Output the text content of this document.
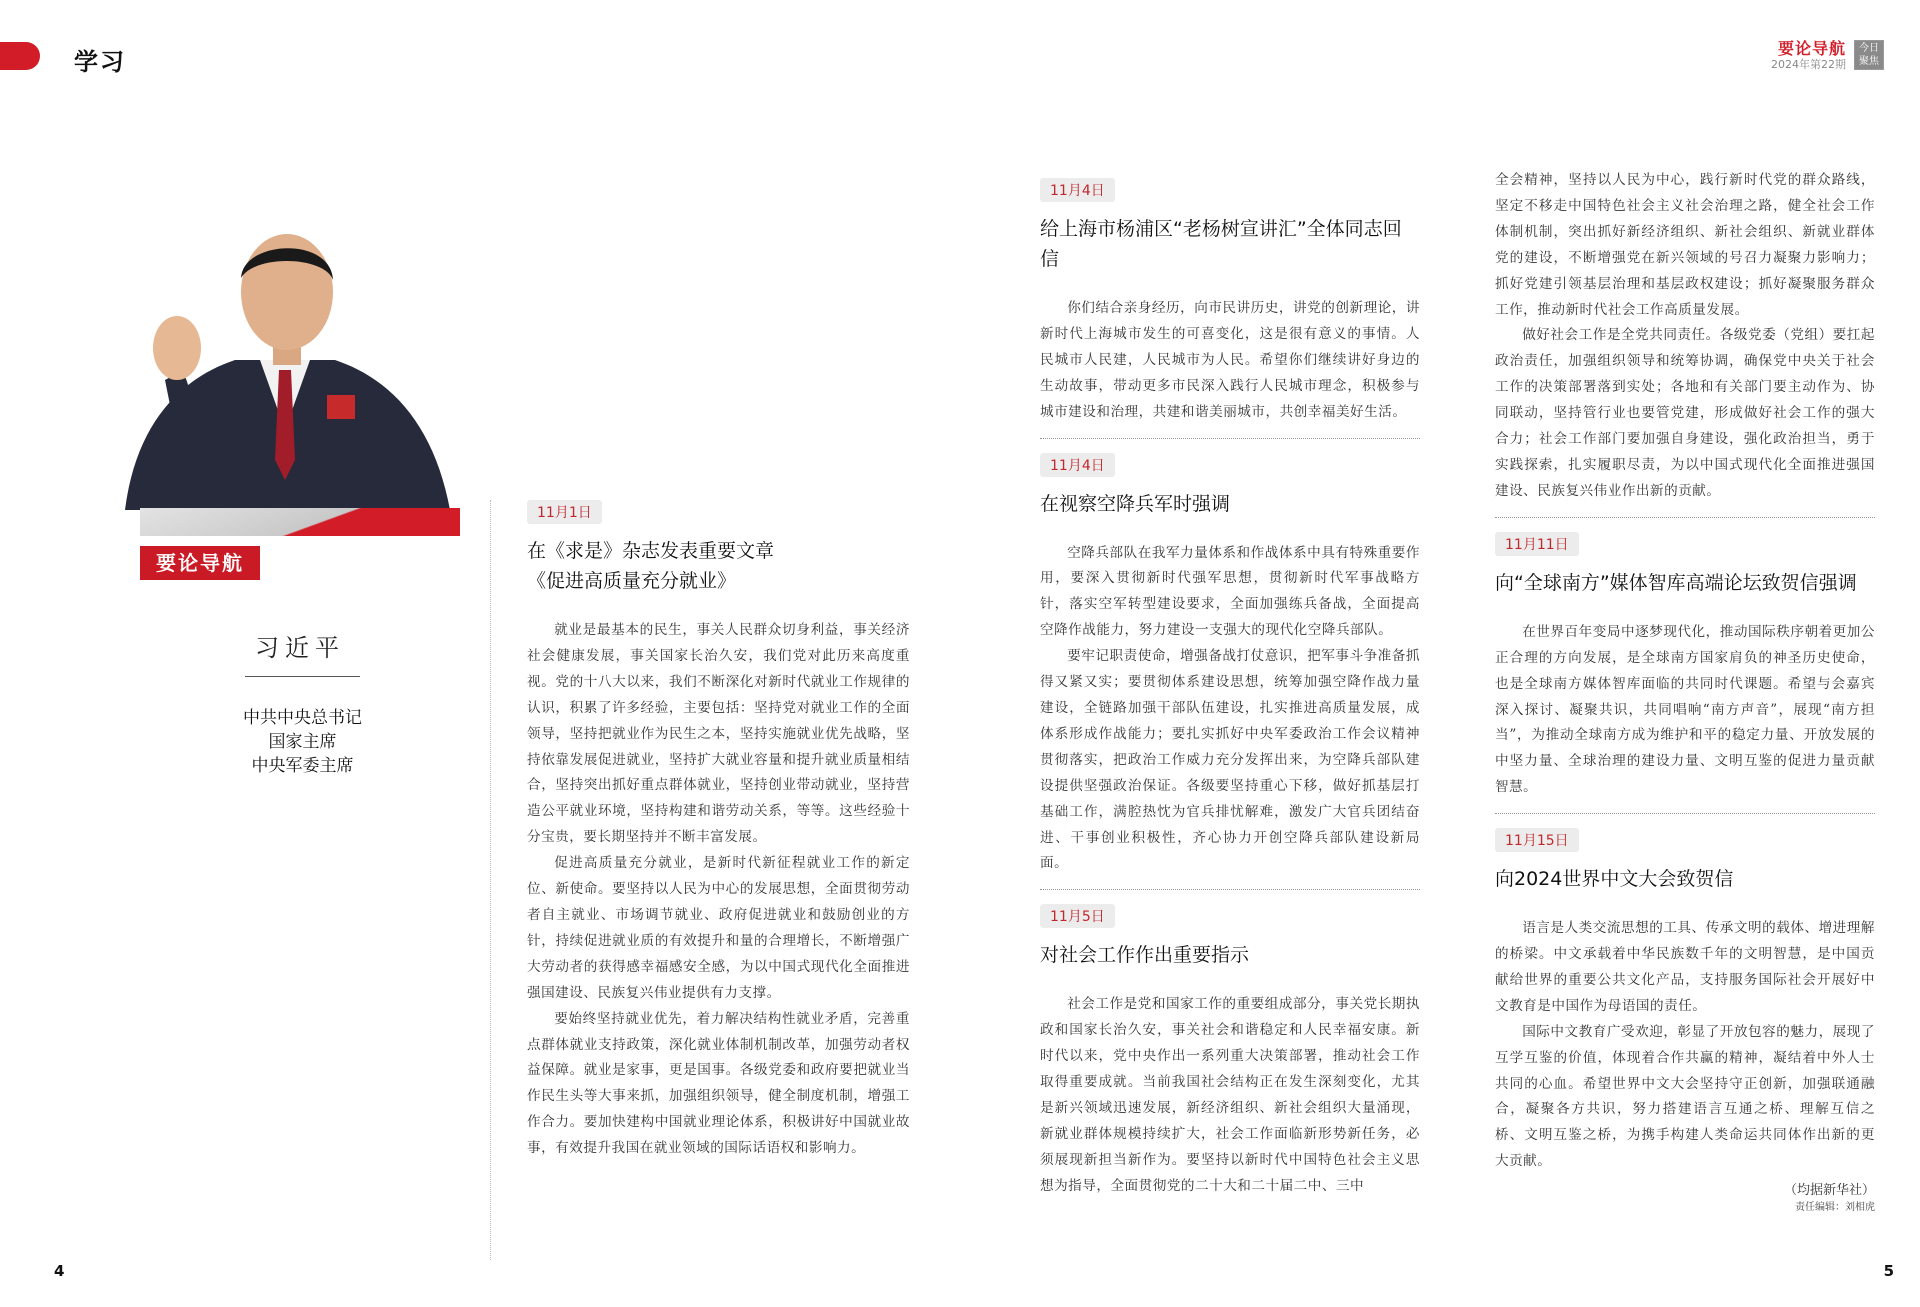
学习	要论导航
2024年第22期
今日 聚焦
要论导航
习近平
中共中央总书记
国家主席
中央军委主席
11月1日
在《求是》杂志发表重要文章
《促进高质量充分就业》

就业是最基本的民生，事关人民群众切身利益，事关经济社会健康发展，事关国家长治久安，我们党对此历来高度重视。党的十八大以来，我们不断深化对新时代就业工作规律的认识，积累了许多经验，主要包括：坚持党对就业工作的全面领导，坚持把就业作为民生之本，坚持实施就业优先战略，坚持依靠发展促进就业，坚持扩大就业容量和提升就业质量相结合，坚持突出抓好重点群体就业，坚持创业带动就业，坚持营造公平就业环境，坚持构建和谐劳动关系，等等。这些经验十分宝贵，要长期坚持并不断丰富发展。

促进高质量充分就业，是新时代新征程就业工作的新定位、新使命。要坚持以人民为中心的发展思想，全面贯彻劳动者自主就业、市场调节就业、政府促进就业和鼓励创业的方针，持续促进就业质的有效提升和量的合理增长，不断增强广大劳动者的获得感幸福感安全感，为以中国式现代化全面推进强国建设、民族复兴伟业提供有力支撑。

要始终坚持就业优先，着力解决结构性就业矛盾，完善重点群体就业支持政策，深化就业体制机制改革，加强劳动者权益保障。就业是家事，更是国事。各级党委和政府要把就业当作民生头等大事来抓，加强组织领导，健全制度机制，增强工作合力。要加快建构中国就业理论体系，积极讲好中国就业故事，有效提升我国在就业领域的国际话语权和影响力。

11月4日
给上海市杨浦区“老杨树宣讲汇”全体同志回信

你们结合亲身经历，向市民讲历史，讲党的创新理论，讲新时代上海城市发生的可喜变化，这是很有意义的事情。人民城市人民建，人民城市为人民。希望你们继续讲好身边的生动故事，带动更多市民深入践行人民城市理念，积极参与城市建设和治理，共建和谐美丽城市，共创幸福美好生活。

11月4日
在视察空降兵军时强调

空降兵部队在我军力量体系和作战体系中具有特殊重要作用，要深入贯彻新时代强军思想，贯彻新时代军事战略方针，落实空军转型建设要求，全面加强练兵备战，全面提高空降作战能力，努力建设一支强大的现代化空降兵部队。

要牢记职责使命，增强备战打仗意识，把军事斗争准备抓得又紧又实；要贯彻体系建设思想，统筹加强空降作战力量建设，全链路加强干部队伍建设，扎实推进高质量发展，成体系形成作战能力；要扎实抓好中央军委政治工作会议精神贯彻落实，把政治工作威力充分发挥出来，为空降兵部队建设提供坚强政治保证。各级要坚持重心下移，做好抓基层打基础工作，满腔热忱为官兵排忧解难，激发广大官兵团结奋进、干事创业积极性，齐心协力开创空降兵部队建设新局面。

11月5日
对社会工作作出重要指示

社会工作是党和国家工作的重要组成部分，事关党长期执政和国家长治久安，事关社会和谐稳定和人民幸福安康。新时代以来，党中央作出一系列重大决策部署，推动社会工作取得重要成就。当前我国社会结构正在发生深刻变化，尤其是新兴领域迅速发展，新经济组织、新社会组织大量涌现，新就业群体规模持续扩大，社会工作面临新形势新任务，必须展现新担当新作为。要坚持以新时代中国特色社会主义思想为指导，全面贯彻党的二十大和二十届二中、三中

全会精神，坚持以人民为中心，践行新时代党的群众路线，坚定不移走中国特色社会主义社会治理之路，健全社会工作体制机制，突出抓好新经济组织、新社会组织、新就业群体党的建设，不断增强党在新兴领域的号召力凝聚力影响力；抓好党建引领基层治理和基层政权建设；抓好凝聚服务群众工作，推动新时代社会工作高质量发展。

做好社会工作是全党共同责任。各级党委（党组）要扛起政治责任，加强组织领导和统筹协调，确保党中央关于社会工作的决策部署落到实处；各地和有关部门要主动作为、协同联动，坚持管行业也要管党建，形成做好社会工作的强大合力；社会工作部门要加强自身建设，强化政治担当，勇于实践探索，扎实履职尽责，为以中国式现代化全面推进强国建设、民族复兴伟业作出新的贡献。

11月11日
向“全球南方”媒体智库高端论坛致贺信强调

在世界百年变局中逐梦现代化，推动国际秩序朝着更加公正合理的方向发展，是全球南方国家肩负的神圣历史使命，也是全球南方媒体智库面临的共同时代课题。希望与会嘉宾深入探讨、凝聚共识，共同唱响“南方声音”，展现“南方担当”，为推动全球南方成为维护和平的稳定力量、开放发展的中坚力量、全球治理的建设力量、文明互鉴的促进力量贡献智慧。

11月15日
向2024世界中文大会致贺信

语言是人类交流思想的工具、传承文明的载体、增进理解的桥梁。中文承载着中华民族数千年的文明智慧，是中国贡献给世界的重要公共文化产品，支持服务国际社会开展好中文教育是中国作为母语国的责任。

国际中文教育广受欢迎，彰显了开放包容的魅力，展现了互学互鉴的价值，体现着合作共赢的精神，凝结着中外人士共同的心血。希望世界中文大会坚持守正创新，加强联通融合，凝聚各方共识，努力搭建语言互通之桥、理解互信之桥、文明互鉴之桥，为携手构建人类命运共同体作出新的更大贡献。

（均据新华社）
责任编辑：刘相虎
4	5
